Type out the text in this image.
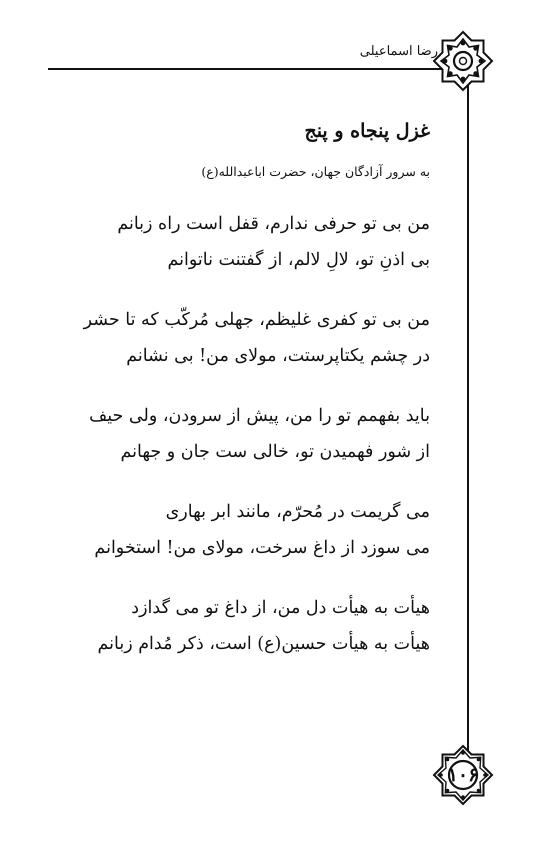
رضا اسماعیلی
غزل پنجاه و پنج
به سرور آزادگان جهان، حضرت اباعبدالله(ع)
من بی تو حرفی ندارم، قفل است راه زبانم
بی اذنِ تو، لالِ لالم، از گفتنت ناتوانم
من بی تو کفری غلیظم، جهلی مُرکّب که تا حشر
در چشم یکتاپرستت، مولای من! بی نشانم
باید بفهمم تو را من، پیش از سرودن، ولی حیف
از شور فهمیدن تو، خالی ست جان و جهانم
می گریمت در مُحرّم، مانند ابر بهاری
می سوزد از داغ سرخت، مولای من! استخوانم
هیأت به هیأت دل من، از داغ تو می گدازد
هیأت به هیأت حسین(ع) است، ذکر مُدام زبانم
۱۰۶
